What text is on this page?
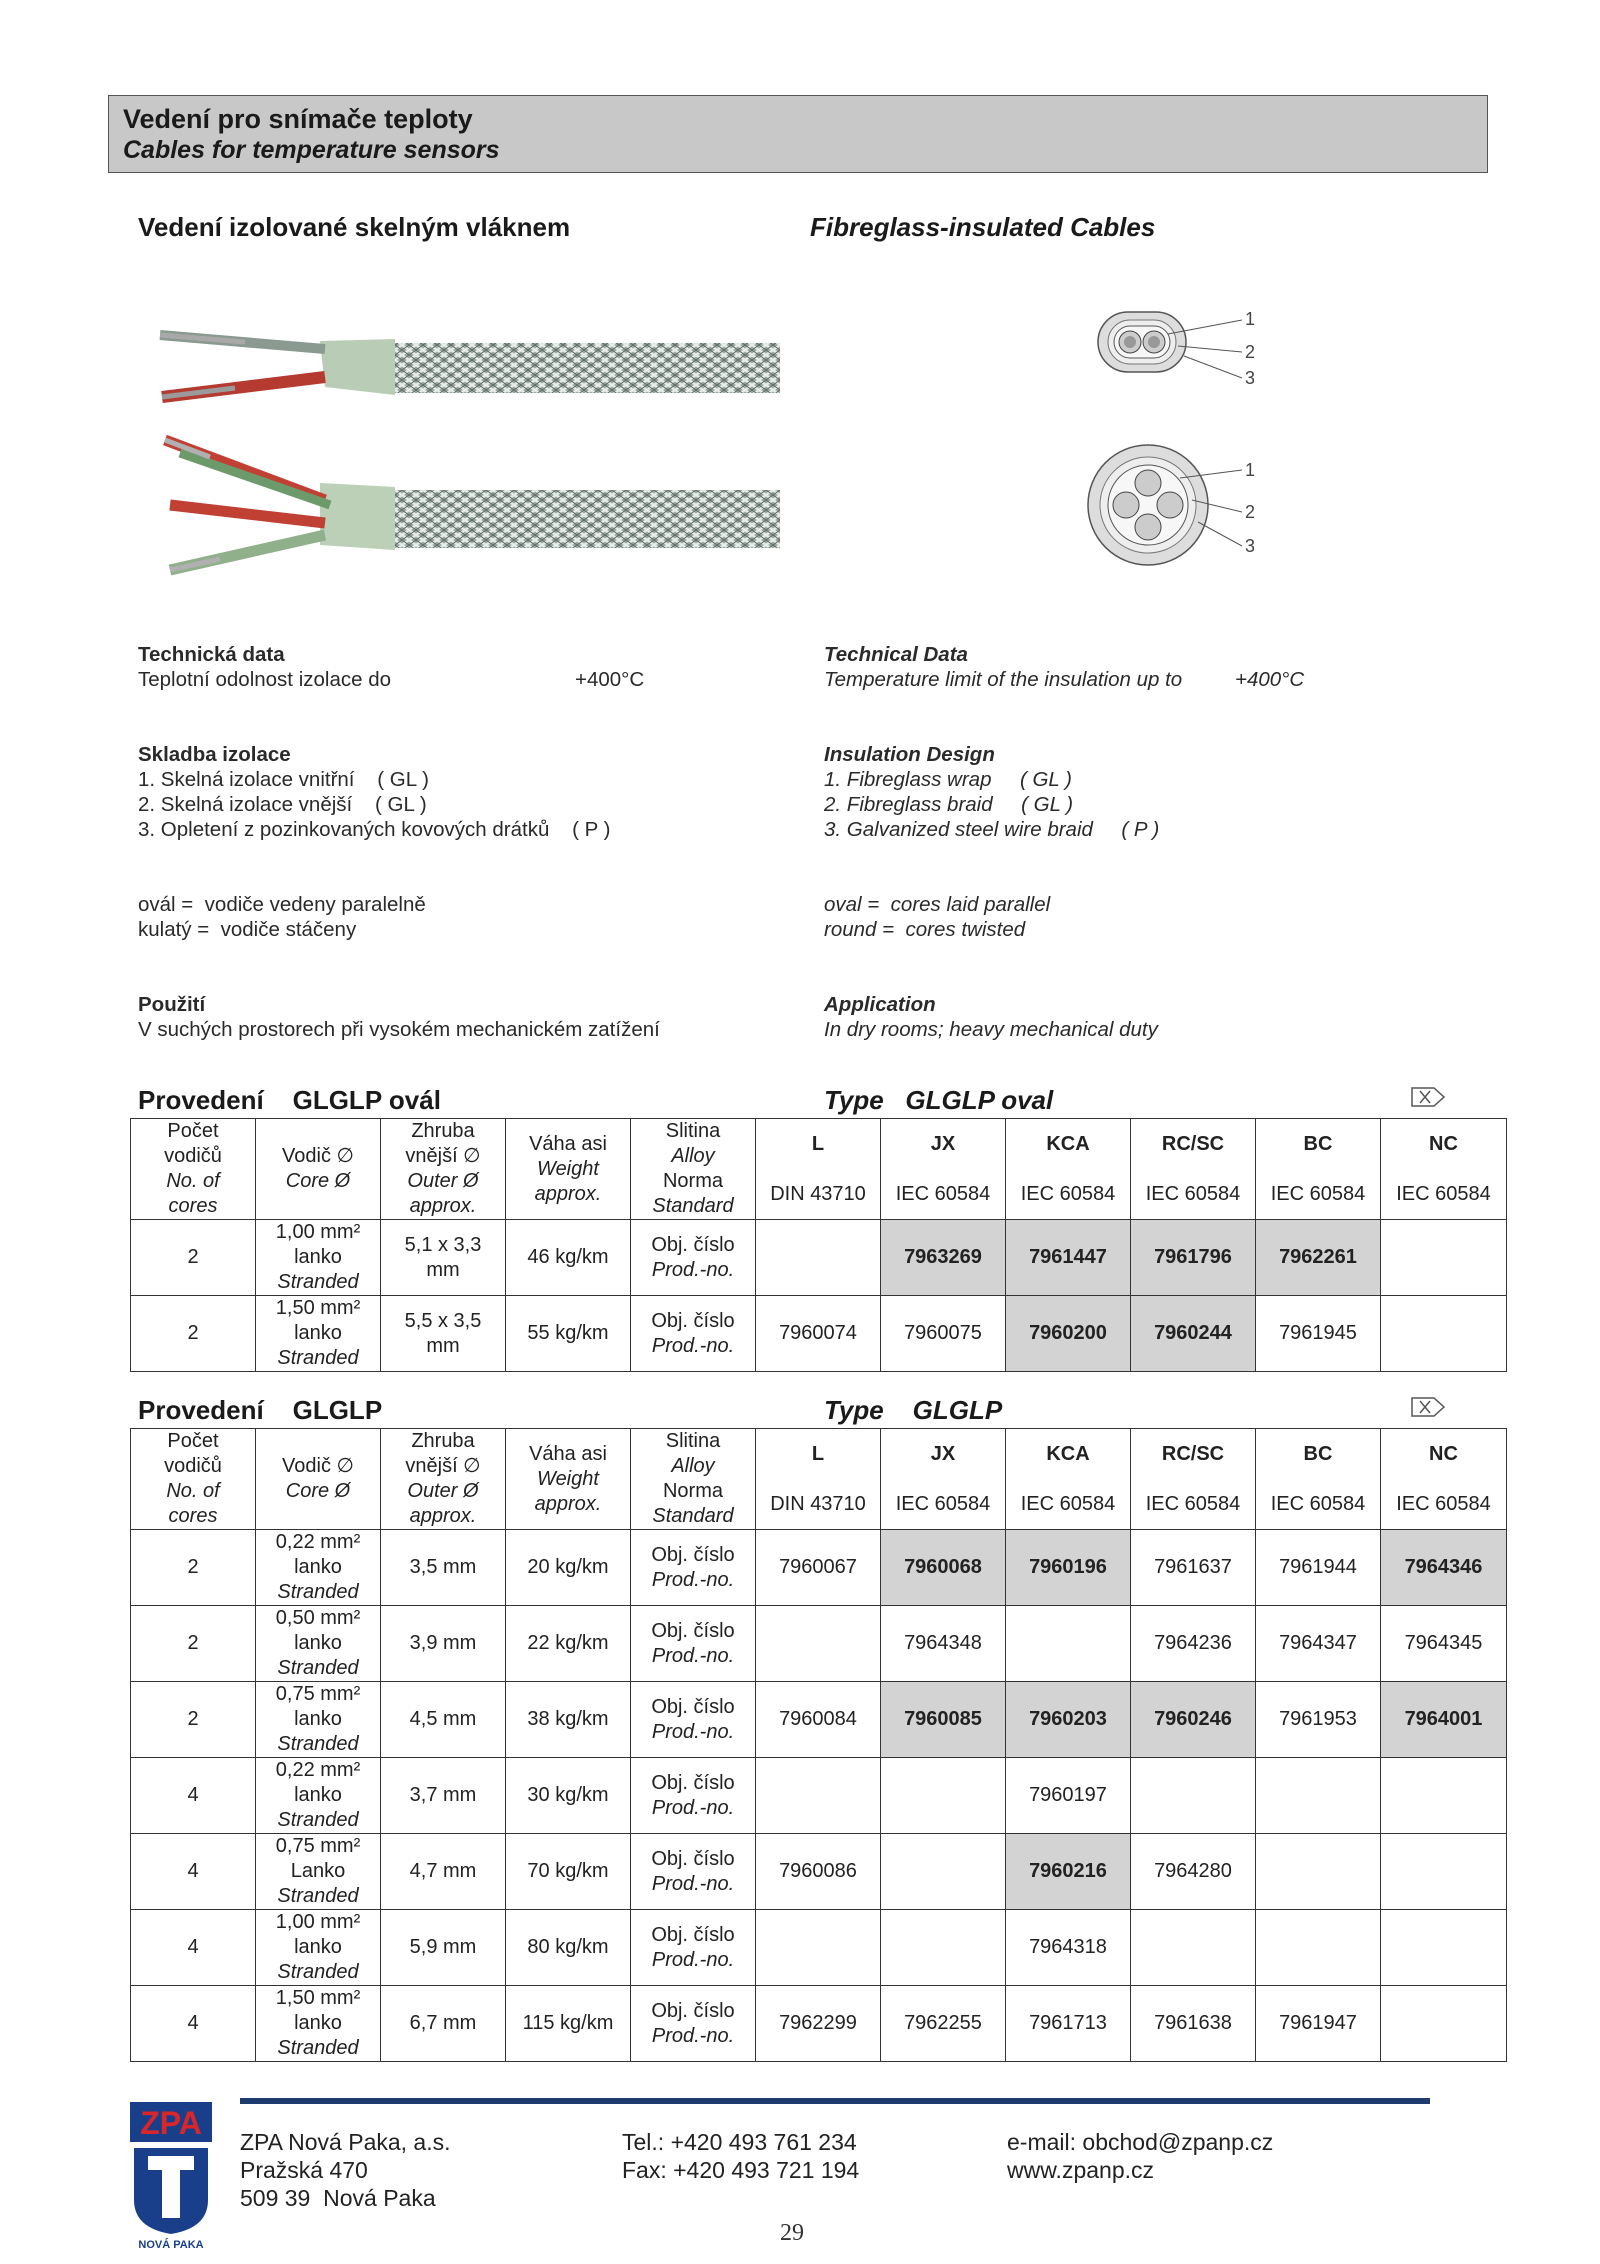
Vedení pro snímače teploty
Cables for temperature sensors
Vedení izolované skelným vláknem	Fibreglass-insulated Cables
1
2
3
1
2
3
Technická data
Teplotní odolnost izolace do	+400°C
Technical Data
Temperature limit of the insulation up to	+400°C
Skladba izolace
1. Skelná izolace vnitřní    ( GL )
2. Skelná izolace vnější    ( GL )
3. Opletení z pozinkovaných kovových drátků    ( P )
Insulation Design
1. Fibreglass wrap     ( GL )
2. Fibreglass braid     ( GL )
3. Galvanized steel wire braid     ( P )
ovál =  vodiče vedeny paralelně
kulatý =  vodiče stáčeny
oval =  cores laid parallel
round =  cores twisted
Použití
V suchých prostorech při vysokém mechanickém zatížení
Application
In dry rooms; heavy mechanical duty
Provedení    GLGLP ovál	Type   GLGLP oval
Počet
vodičů
No. of
cores	Vodič ∅
Core Ø	Zhruba
vnější ∅
Outer Ø
approx.	Váha asi
Weight
approx.	Slitina
Alloy
Norma
Standard	L	JX	KCA	RC/SC	BC	NC
					DIN 43710	IEC 60584	IEC 60584	IEC 60584	IEC 60584	IEC 60584
2	1,00 mm²
lanko
Stranded	5,1 x 3,3 mm	46 kg/km	Obj. číslo
Prod.-no.		7963269	7961447	7961796	7962261	
2	1,50 mm²
lanko
Stranded	5,5 x 3,5 mm	55 kg/km	Obj. číslo
Prod.-no.	7960074	7960075	7960200	7960244	7961945	
Provedení    GLGLP	Type    GLGLP
Počet
vodičů
No. of
cores	Vodič ∅
Core Ø	Zhruba
vnější ∅
Outer Ø
approx.	Váha asi
Weight
approx.	Slitina
Alloy
Norma
Standard	L	JX	KCA	RC/SC	BC	NC
					DIN 43710	IEC 60584	IEC 60584	IEC 60584	IEC 60584	IEC 60584
2	0,22 mm²
lanko
Stranded	3,5 mm	20 kg/km	Obj. číslo
Prod.-no.	7960067	7960068	7960196	7961637	7961944	7964346
2	0,50 mm²
lanko
Stranded	3,9 mm	22 kg/km	Obj. číslo
Prod.-no.		7964348		7964236	7964347	7964345
2	0,75 mm²
lanko
Stranded	4,5 mm	38 kg/km	Obj. číslo
Prod.-no.	7960084	7960085	7960203	7960246	7961953	7964001
4	0,22 mm²
lanko
Stranded	3,7 mm	30 kg/km	Obj. číslo
Prod.-no.			7960197			
4	0,75 mm²
Lanko
Stranded	4,7 mm	70 kg/km	Obj. číslo
Prod.-no.	7960086		7960216	7964280		
4	1,00 mm²
lanko
Stranded	5,9 mm	80 kg/km	Obj. číslo
Prod.-no.			7964318			
4	1,50 mm²
lanko
Stranded	6,7 mm	115 kg/km	Obj. číslo
Prod.-no.	7962299	7962255	7961713	7961638	7961947	
ZPA
NOVÁ PAKA
ZPA Nová Paka, a.s.
Pražská 470
509 39  Nová Paka
Tel.: +420 493 761 234
Fax: +420 493 721 194
e-mail: obchod@zpanp.cz
www.zpanp.cz
29
